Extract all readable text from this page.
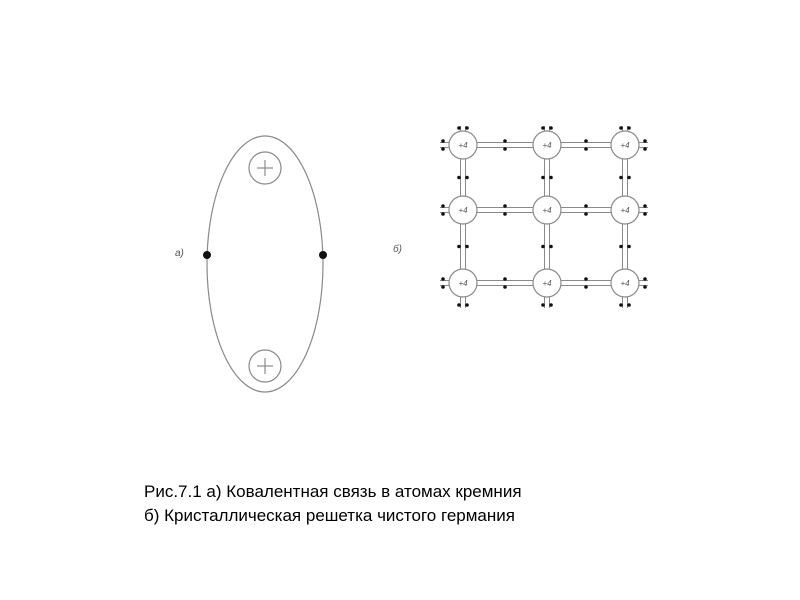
а)	б)
+4	+4	+4
+4	+4	+4
+4	+4	+4
Рис.7.1 а) Ковалентная связь в атомах кремния
б) Кристаллическая решетка чистого германия
